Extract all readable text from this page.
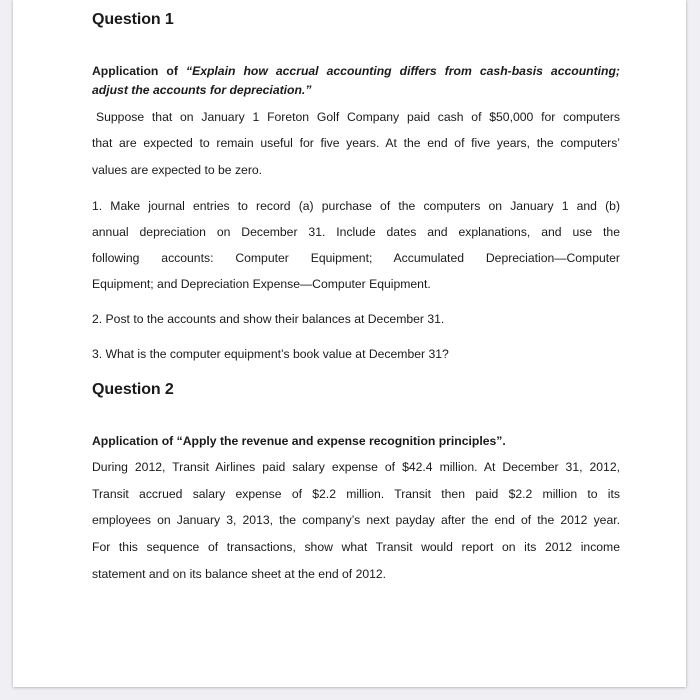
Question 1
Application of “Explain how accrual accounting differs from cash-basis accounting;
adjust the accounts for depreciation.”
Suppose that on January 1 Foreton Golf Company paid cash of $50,000 for computers
that are expected to remain useful for five years. At the end of five years, the computers’
values are expected to be zero.
1. Make journal entries to record (a) purchase of the computers on January 1 and (b)
annual depreciation on December 31. Include dates and explanations, and use the
following accounts: Computer Equipment; Accumulated Depreciation—Computer
Equipment; and Depreciation Expense—Computer Equipment.
2. Post to the accounts and show their balances at December 31.
3. What is the computer equipment’s book value at December 31?
Question 2
Application of “Apply the revenue and expense recognition principles”.
During 2012, Transit Airlines paid salary expense of $42.4 million. At December 31, 2012,
Transit accrued salary expense of $2.2 million. Transit then paid $2.2 million to its
employees on January 3, 2013, the company’s next payday after the end of the 2012 year.
For this sequence of transactions, show what Transit would report on its 2012 income
statement and on its balance sheet at the end of 2012.
